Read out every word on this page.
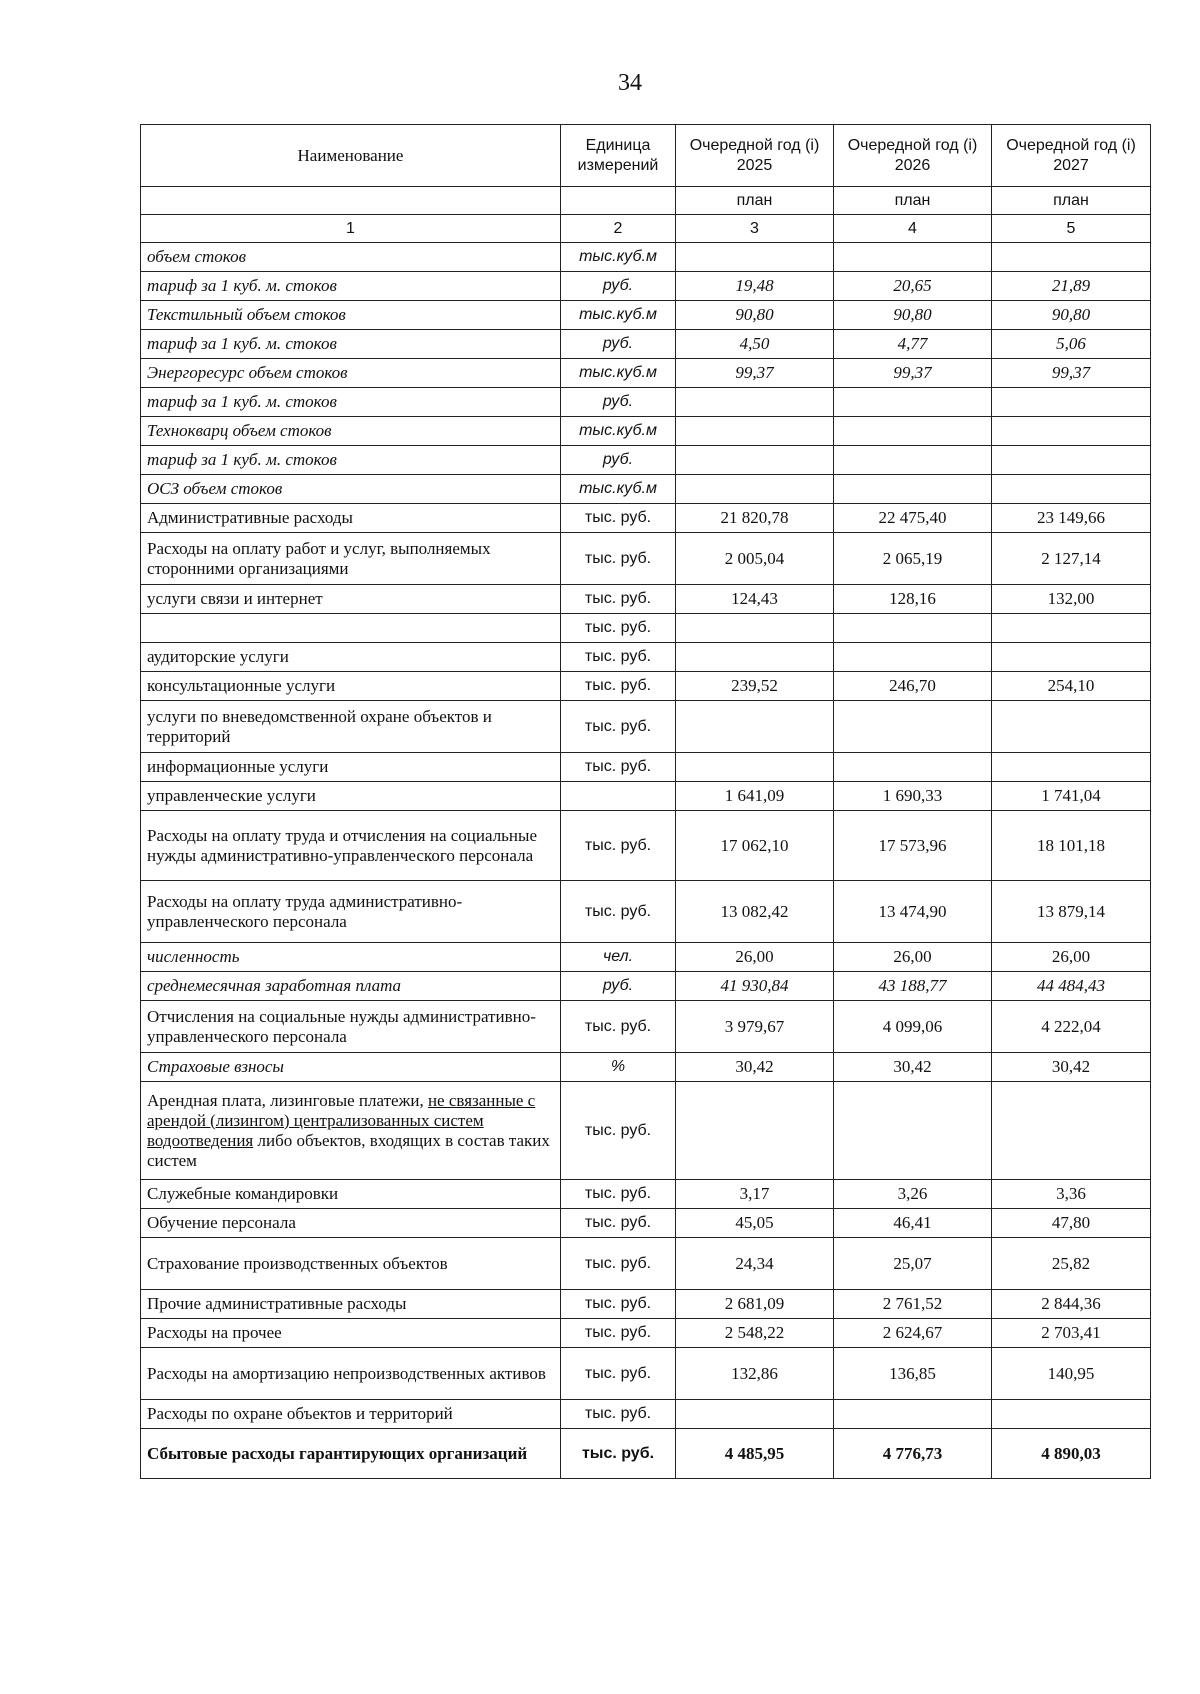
34
Наименование	Единица измерений	Очередной год (i) 2025	Очередной год (i) 2026	Очередной год (i) 2027
		план	план	план
1	2	3	4	5
объем стоков	тыс.куб.м			
тариф за 1 куб. м. стоков	руб.	19,48	20,65	21,89
Текстильный объем стоков	тыс.куб.м	90,80	90,80	90,80
тариф за 1 куб. м. стоков	руб.	4,50	4,77	5,06
Энергоресурс объем стоков	тыс.куб.м	99,37	99,37	99,37
тариф за 1 куб. м. стоков	руб.			
Технокварц объем стоков	тыс.куб.м			
тариф за 1 куб. м. стоков	руб.			
ОСЗ объем стоков	тыс.куб.м			
Административные расходы	тыс. руб.	21 820,78	22 475,40	23 149,66
Расходы на оплату работ и услуг, выполняемых сторонними организациями	тыс. руб.	2 005,04	2 065,19	2 127,14
услуги связи и интернет	тыс. руб.	124,43	128,16	132,00
	тыс. руб.			
аудиторские услуги	тыс. руб.			
консультационные услуги	тыс. руб.	239,52	246,70	254,10
услуги по вневедомственной охране объектов и территорий	тыс. руб.			
информационные услуги	тыс. руб.			
управленческие услуги		1 641,09	1 690,33	1 741,04
Расходы на оплату труда и отчисления на социальные нужды административно-управленческого персонала	тыс. руб.	17 062,10	17 573,96	18 101,18
Расходы на оплату труда административно-управленческого персонала	тыс. руб.	13 082,42	13 474,90	13 879,14
численность	чел.	26,00	26,00	26,00
среднемесячная заработная плата	руб.	41 930,84	43 188,77	44 484,43
Отчисления на социальные нужды административно-управленческого персонала	тыс. руб.	3 979,67	4 099,06	4 222,04
Страховые взносы	%	30,42	30,42	30,42
Арендная плата, лизинговые платежи, не связанные с арендой (лизингом) централизованных систем водоотведения либо объектов, входящих в состав таких систем	тыс. руб.			
Служебные командировки	тыс. руб.	3,17	3,26	3,36
Обучение персонала	тыс. руб.	45,05	46,41	47,80
Страхование производственных объектов	тыс. руб.	24,34	25,07	25,82
Прочие административные расходы	тыс. руб.	2 681,09	2 761,52	2 844,36
Расходы на прочее	тыс. руб.	2 548,22	2 624,67	2 703,41
Расходы на амортизацию непроизводственных активов	тыс. руб.	132,86	136,85	140,95
Расходы по охране объектов и территорий	тыс. руб.			
Сбытовые расходы гарантирующих организаций	тыс. руб.	4 485,95	4 776,73	4 890,03
